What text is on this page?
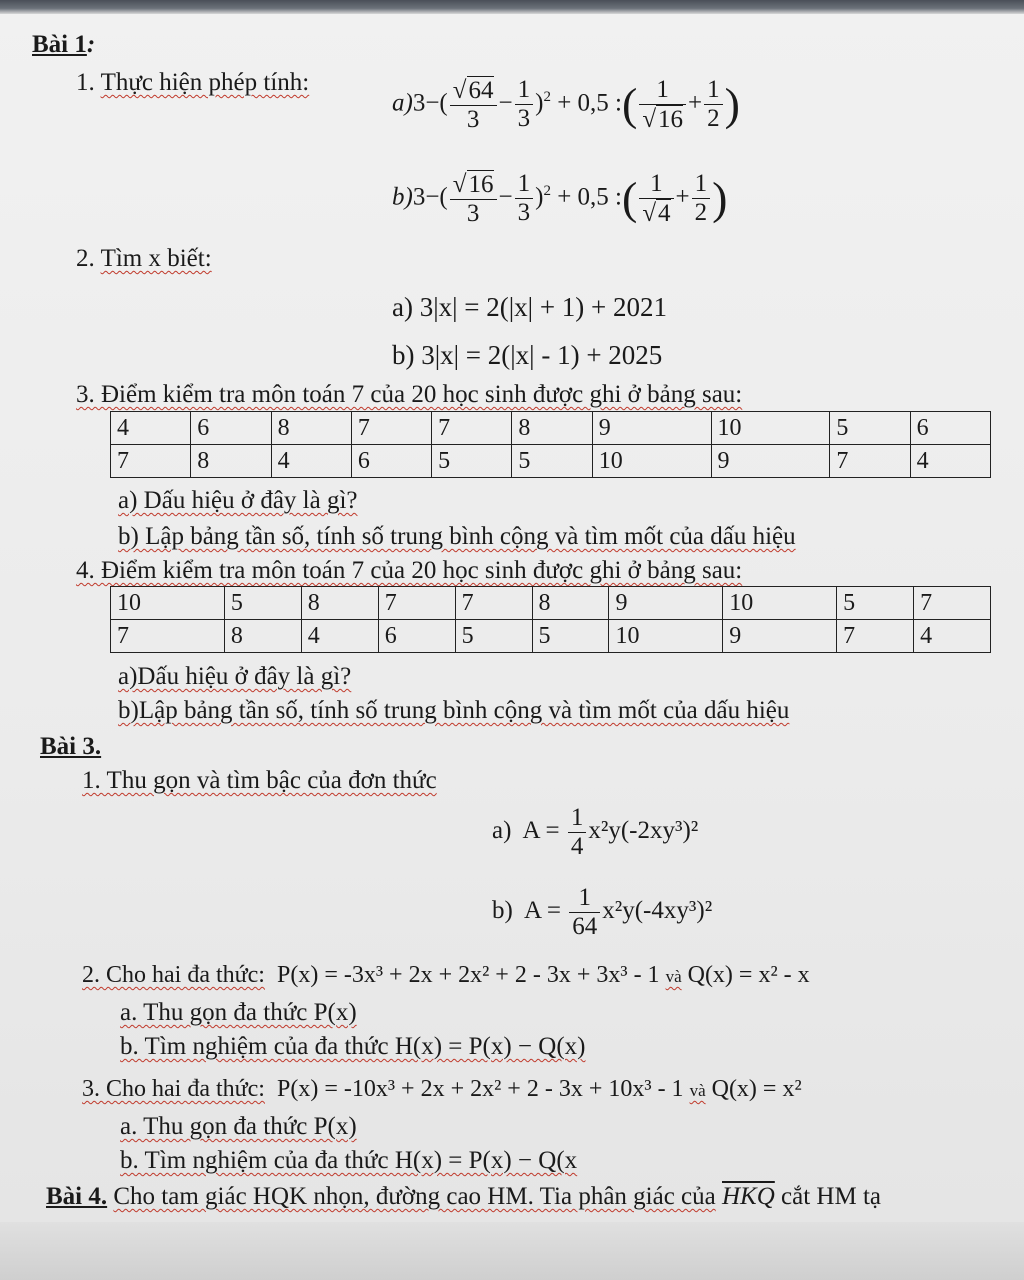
Bài 1:
1. Thực hiện phép tính:
$a)3-( \frac{√64}{3} - \frac{1}{3} )^2 + 0,5$ :( $\frac{1}{√16} + \frac{1}{2}$ )
$b)3-( \frac{√16}{3} - \frac{1}{3} )^2 + 0,5$ :( $\frac{1}{√4} + \frac{1}{2}$ )
2. Tìm x biết:
a) 3|x| = 2(|x| + 1) + 2021
b) 3|x| = 2(|x| - 1) + 2025
3. Điểm kiểm tra môn toán 7 của 20 học sinh được ghi ở bảng sau:
4	6	8	7	7	8	9	10	5	6
7	8	4	6	5	5	10	9	7	4
a) Dấu hiệu ở đây là gì?
b) Lập bảng tần số, tính số trung bình cộng và tìm mốt của dấu hiệu
4. Điểm kiểm tra môn toán 7 của 20 học sinh được ghi ở bảng sau:
10	5	8	7	7	8	9	10	5	7
7	8	4	6	5	5	10	9	7	4
a)Dấu hiệu ở đây là gì?
b)Lập bảng tần số, tính số trung bình cộng và tìm mốt của dấu hiệu
Bài 3.
1. Thu gọn và tìm bậc của đơn thức
a)  $A = \frac{1}{4} x^2y(-2xy^3)^2$
b)  $A = \frac{1}{64} x^2y(-4xy^3)^2$
2. Cho hai đa thức: P(x) = -3x³ + 2x + 2x² + 2 - 3x + 3x³ - 1 và Q(x) = x² - x
a. Thu gọn đa thức P(x)
b. Tìm nghiệm của đa thức H(x) = P(x) − Q(x)
3. Cho hai đa thức: P(x) = -10x³ + 2x + 2x² + 2 - 3x + 10x³ - 1 và Q(x) = x²
a. Thu gọn đa thức P(x)
b. Tìm nghiệm của đa thức H(x) = P(x) − Q(x
Bài 4. Cho tam giác HQK nhọn, đường cao HM. Tia phân giác của $\overline{HKQ}$ cắt HM tạ
